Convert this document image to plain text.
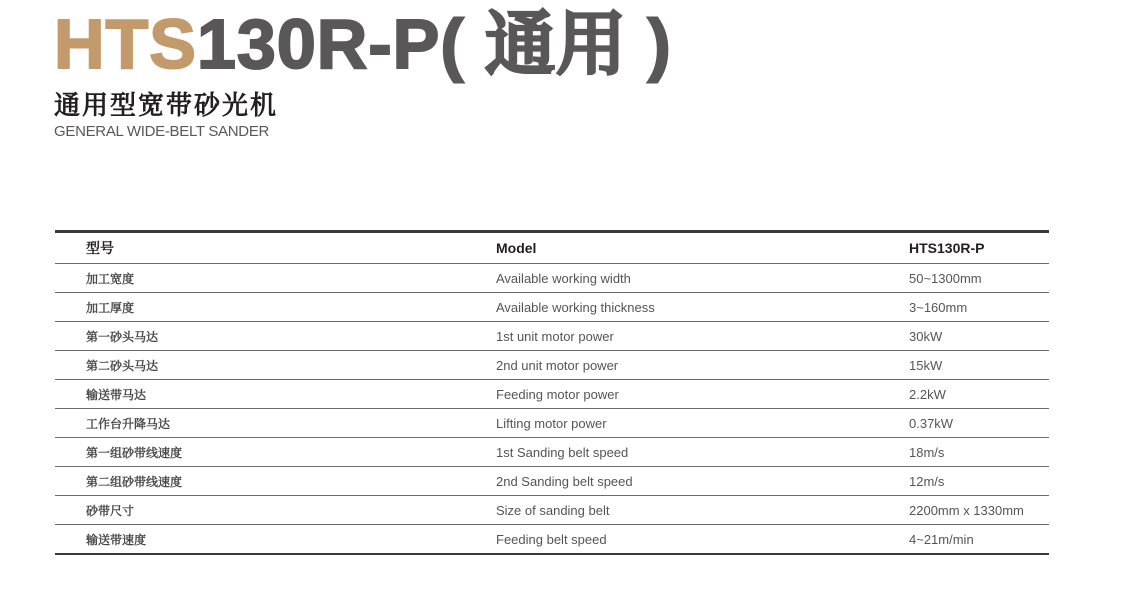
HTS130R-P( 通用 )
通用型宽带砂光机

GENERAL WIDE-BELT SANDER

型号	Model	HTS130R-P
加工宽度	Available working width	50~1300mm
加工厚度	Available working thickness	3~160mm
第一砂头马达	1st unit motor power	30kW
第二砂头马达	2nd unit motor power	15kW
输送带马达	Feeding motor power	2.2kW
工作台升降马达	Lifting motor power	0.37kW
第一组砂带线速度	1st Sanding belt speed	18m/s
第二组砂带线速度	2nd Sanding belt speed	12m/s
砂带尺寸	Size of sanding belt	2200mm x 1330mm
输送带速度	Feeding belt speed	4~21m/min
